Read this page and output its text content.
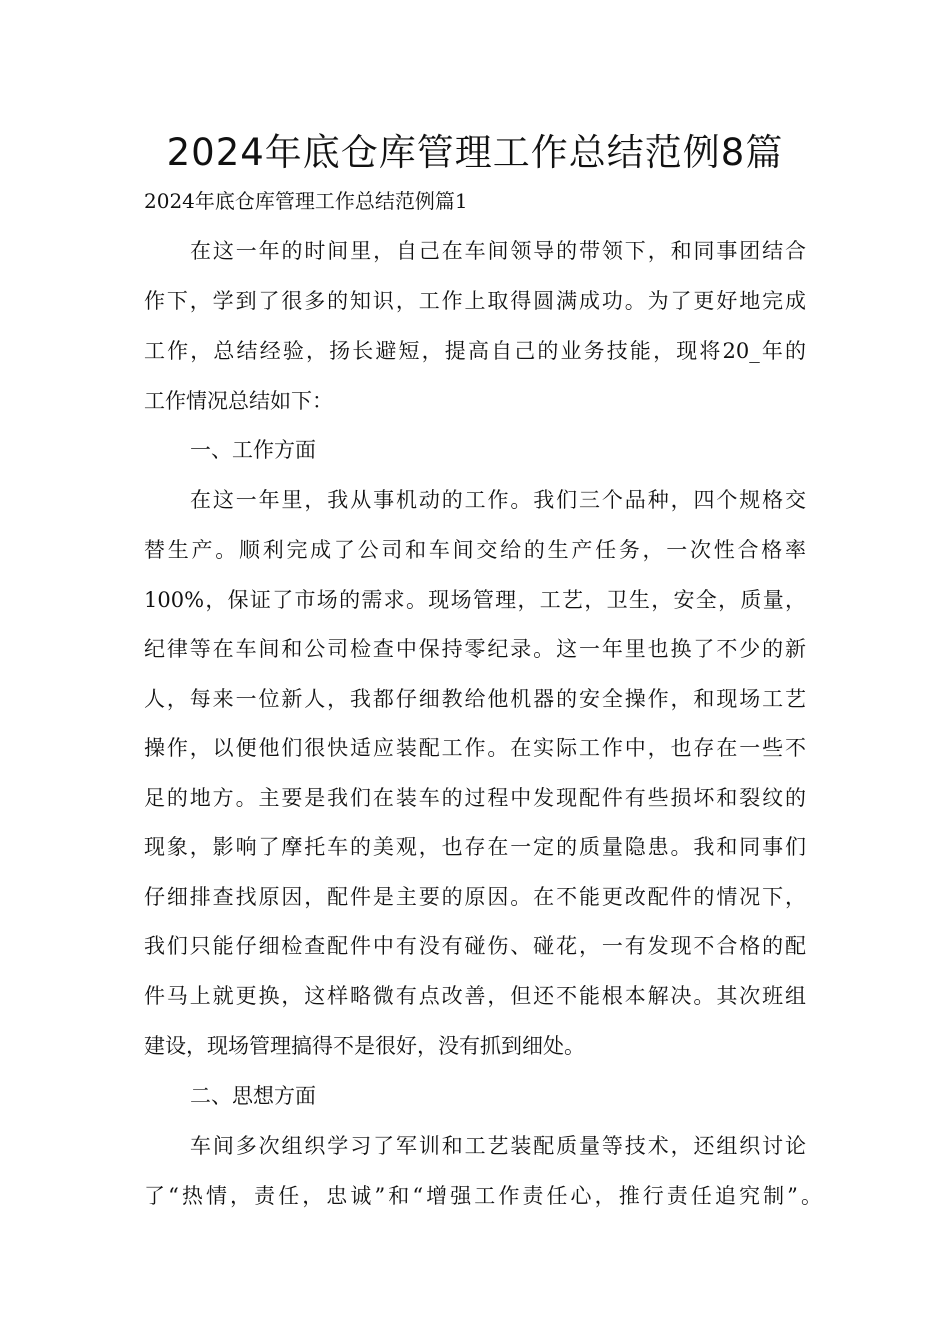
2024年底仓库管理工作总结范例8篇
2024年底仓库管理工作总结范例篇1
在这一年的时间里，自己在车间领导的带领下，和同事团结合
作下，学到了很多的知识，工作上取得圆满成功。为了更好地完成
工作，总结经验，扬长避短，提高自己的业务技能，现将20_年的
工作情况总结如下：
一、工作方面
在这一年里，我从事机动的工作。我们三个品种，四个规格交
替生产。顺利完成了公司和车间交给的生产任务，一次性合格率
100%，保证了市场的需求。现场管理，工艺，卫生，安全，质量，
纪律等在车间和公司检查中保持零纪录。这一年里也换了不少的新
人，每来一位新人，我都仔细教给他机器的安全操作，和现场工艺
操作，以便他们很快适应装配工作。在实际工作中，也存在一些不
足的地方。主要是我们在装车的过程中发现配件有些损坏和裂纹的
现象，影响了摩托车的美观，也存在一定的质量隐患。我和同事们
仔细排查找原因，配件是主要的原因。在不能更改配件的情况下，
我们只能仔细检查配件中有没有碰伤、碰花，一有发现不合格的配
件马上就更换，这样略微有点改善，但还不能根本解决。其次班组
建设，现场管理搞得不是很好，没有抓到细处。
二、思想方面
车间多次组织学习了军训和工艺装配质量等技术，还组织讨论
了“热情，责任，忠诚”和“增强工作责任心，推行责任追究制”。
